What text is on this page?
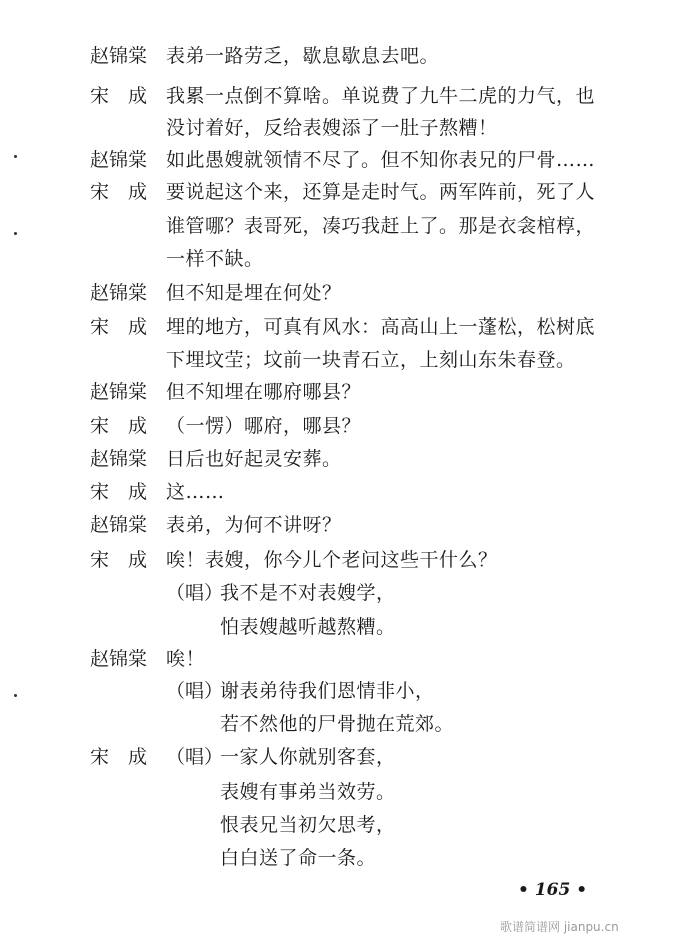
赵锦棠 表弟一路劳乏，歇息歇息去吧。
宋　成 我累一点倒不算啥。单说费了九牛二虎的力气，也
没讨着好，反给表嫂添了一肚子熬糟！
赵锦棠 如此愚嫂就领情不尽了。但不知你表兄的尸骨……
宋　成 要说起这个来，还算是走时气。两军阵前，死了人
谁管哪？表哥死，凑巧我赶上了。那是衣衾棺椁，
一样不缺。
赵锦棠 但不知是埋在何处？
宋　成 埋的地方，可真有风水：高高山上一蓬松，松树底
下埋坟茔；坟前一块青石立，上刻山东朱春登。
赵锦棠 但不知埋在哪府哪县？
宋　成 （一愣）哪府，哪县？
赵锦棠 日后也好起灵安葬。
宋　成 这……
赵锦棠 表弟，为何不讲呀？
宋　成 唉！表嫂，你今儿个老问这些干什么？
（唱）
我不是不对表嫂学，
怕表嫂越听越熬糟。
赵锦棠 唉！
（唱）
谢表弟待我们恩情非小，
若不然他的尸骨抛在荒郊。
宋　成 （唱）
一家人你就别客套，
表嫂有事弟当效劳。
恨表兄当初欠思考，
白白送了命一条。
• 165 •
歌谱简谱网 jianpu.cn
